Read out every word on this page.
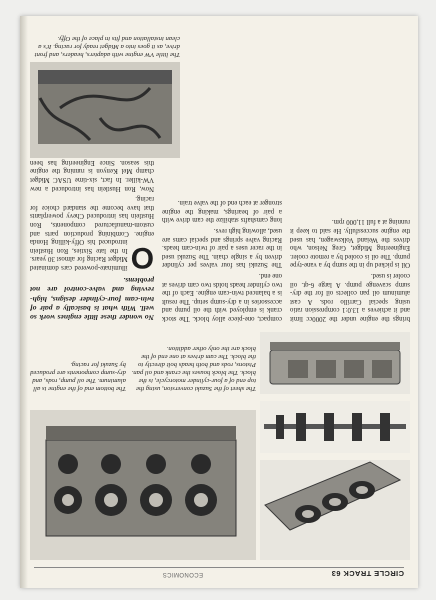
CIRCLE TRACK 63
ECONOMICS
The sheet of the Suzuki conversion, using the top end of a four-cylinder motorcycle, is the block. The block houses the crank and oil pan. Pistons, rods and both heads bolt directly to the block. The cam drives at one end of the block are the only other addition.
The bottom end of the engine is all aluminum. The oil pump, rods, and dry-sump components are produced by Suzuki for racing.

brings the engine under the 2000cc limit and it achieves a 13.0:1 compression ratio using special Carrillo rods. A cast aluminum oil pan collects oil for the dry-sump scavenge pump. A large 6-qt. oil cooler is used.

Oil is picked up in the sump by a vane-type pump. The oil is cooled by a remote cooler. Engineering Midget, Greg Nelson, who drives the Weiand Volkswagen, has used the engine successfully. He said to keep it running at a full 11,000 rpm.

compact, one-piece alloy block. The stock crank is employed with the oil pump and accessories in a dry-sump setup. The result is a balanced twin-cam engine. Each of the two cylinder heads holds two cam drives at one end.

The Suzuki has four valves per cylinder driven by a single chain. The Suzuki used in the racer uses a pair of twin-cam heads. Racing valve springs and special cams are used, allowing high revs.

long camshafts stabilize the cam drive with a pair of bearings, making the engine stronger at each end of the valve train.

No wonder these little engines work so well. With what is basically a pair of twin-cam four-cylinder designs, high-revving and valve-control are not problems.
O

illuminate-powered cars dominated Midget Racing for almost 30 years. In the late Sixties, Ron Hustlein introduced his Offy-killing Honda engine. Combining production parts and custom-manufactured components, Ron Hustlein has introduced Chevy powerplants that have become the standard choice for racing.

Now, Ron Hustlein has introduced a new VW-killer. In fact, six-time USAC Midget champ Mel Kenyon is running the engine this season. Since Engineering has been

The little VW engine with adapters, headers, and front drive, as it goes into a Midget ready for racing. It's a clean installation and fits in place of the Offy.
